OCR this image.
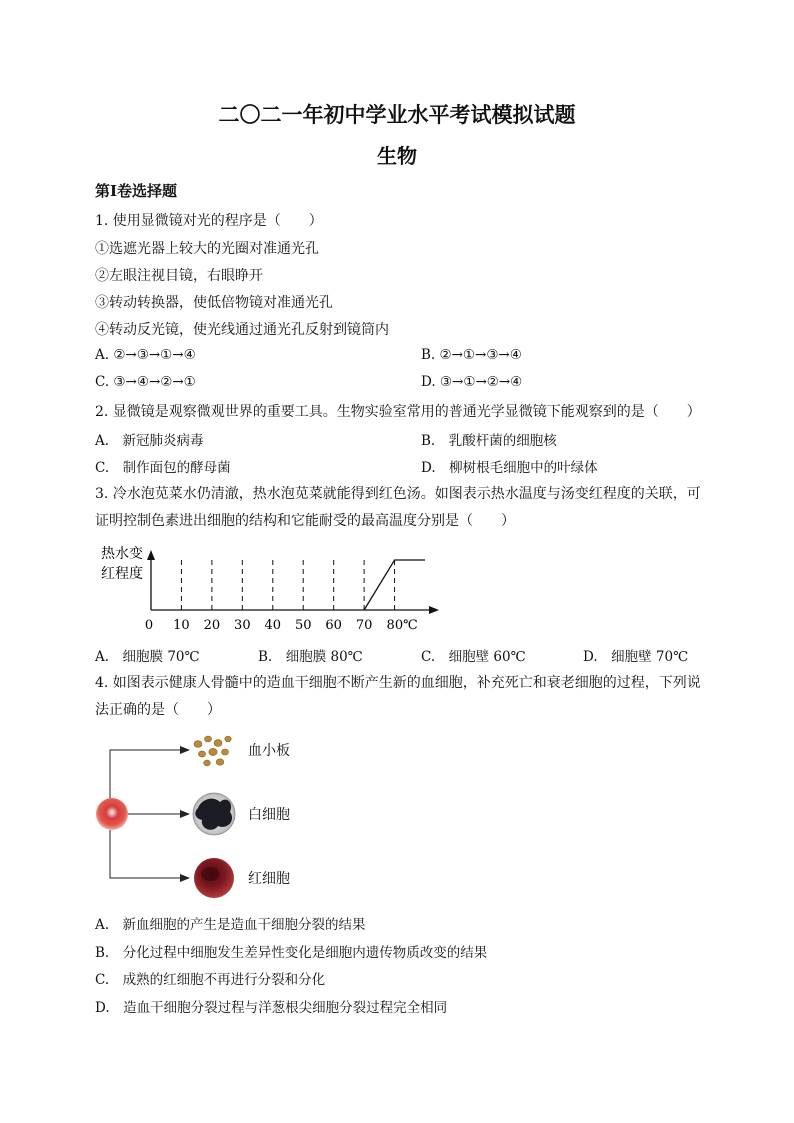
二〇二一年初中学业水平考试模拟试题
生物
第Ⅰ卷选择题
1. 使用显微镜对光的程序是（　　）
①选遮光器上较大的光圈对准通光孔
②左眼注视目镜，右眼睁开
③转动转换器，使低倍物镜对准通光孔
④转动反光镜，使光线通过通光孔反射到镜筒内
A. ②→③→①→④	B. ②→①→③→④
C. ③→④→②→①	D. ③→①→②→④
2. 显微镜是观察微观世界的重要工具。生物实验室常用的普通光学显微镜下能观察到的是（　　）
A.　新冠肺炎病毒	B.　乳酸杆菌的细胞核
C.　制作面包的酵母菌	D.　柳树根毛细胞中的叶绿体
3. 冷水泡苋菜水仍清澈，热水泡苋菜就能得到红色汤。如图表示热水温度与汤变红程度的关联，可
证明控制色素进出细胞的结构和它能耐受的最高温度分别是（　　）
热水变
红程度
0 10 20 30 40 50 60 70 80℃
A.　细胞膜 70℃	B.　细胞膜 80℃	C.　细胞壁 60℃	D.　细胞壁 70℃
4. 如图表示健康人骨髓中的造血干细胞不断产生新的血细胞，补充死亡和衰老细胞的过程，下列说
法正确的是（　　）
血小板
白细胞
红细胞
A.　新血细胞的产生是造血干细胞分裂的结果
B.　分化过程中细胞发生差异性变化是细胞内遗传物质改变的结果
C.　成熟的红细胞不再进行分裂和分化
D.　造血干细胞分裂过程与洋葱根尖细胞分裂过程完全相同
